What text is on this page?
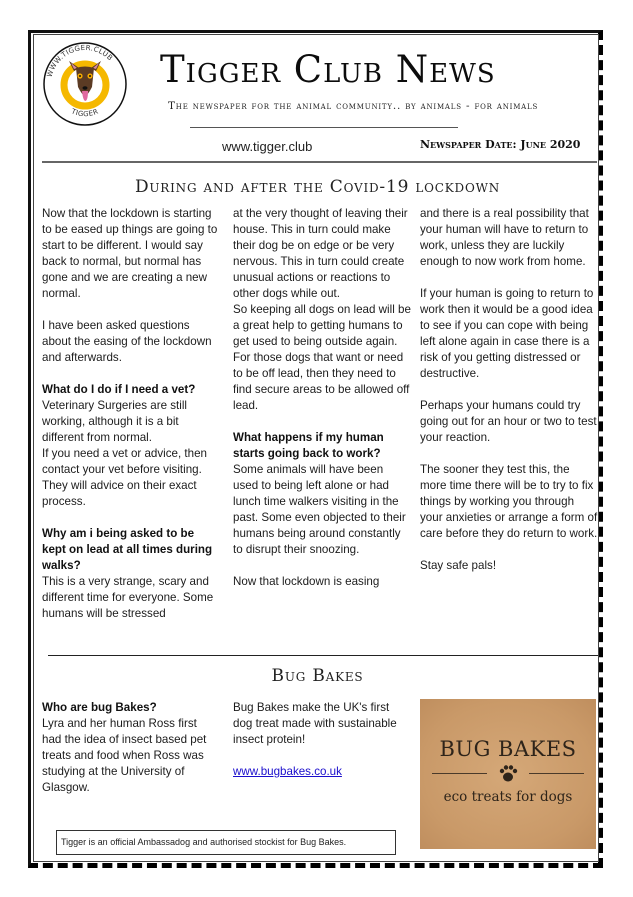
WWW.TIGGER.CLUB
TIGGER
Tigger Club News
The newspaper for the animal community.. by animals - for animals
www.tigger.club	Newspaper Date: June 2020
During and after the Covid-19 lockdown

Now that the lockdown is starting to be eased up things are going to start to be different. I would say back to normal, but normal has gone and we are creating a new normal.

I have been asked questions about the easing of the lockdown and afterwards.

What do I do if I need a vet?

Veterinary Surgeries are still working, although it is a bit different from normal.

If you need a vet or advice, then contact your vet before visiting. They will advice on their exact process.

Why am i being asked to be kept on lead at all times during walks?

This is a very strange, scary and different time for everyone. Some humans will be stressed

at the very thought of leaving their house. This in turn could make their dog be on edge or be very nervous. This in turn could create unusual actions or reactions to other dogs while out.

So keeping all dogs on lead will be a great help to getting humans to get used to being outside again. For those dogs that want or need to be off lead, then they need to find secure areas to be allowed off lead.

What happens if my human starts going back to work?

Some animals will have been used to being left alone or had lunch time walkers visiting in the past. Some even objected to their humans being around constantly to disrupt their snoozing.

Now that lockdown is easing

and there is a real possibility that your human will have to return to work, unless they are luckily enough to now work from home.

If your human is going to return to work then it would be a good idea to see if you can cope with being left alone again in case there is a risk of you getting distressed or destructive.

Perhaps your humans could try going out for an hour or two to test your reaction.

The sooner they test this, the more time there will be to try to fix things by working you through your anxieties or arrange a form of care before they do return to work.

Stay safe pals!

Bug Bakes

Who are bug Bakes?

Lyra and her human Ross first had the idea of insect based pet treats and food when Ross was studying at the University of Glasgow.

Bug Bakes make the UK's first dog treat made with sustainable insect protein!

www.bugbakes.co.uk

BUG BAKES
eco treats for dogs
Tigger is an official Ambassadog and authorised stockist for Bug Bakes.
